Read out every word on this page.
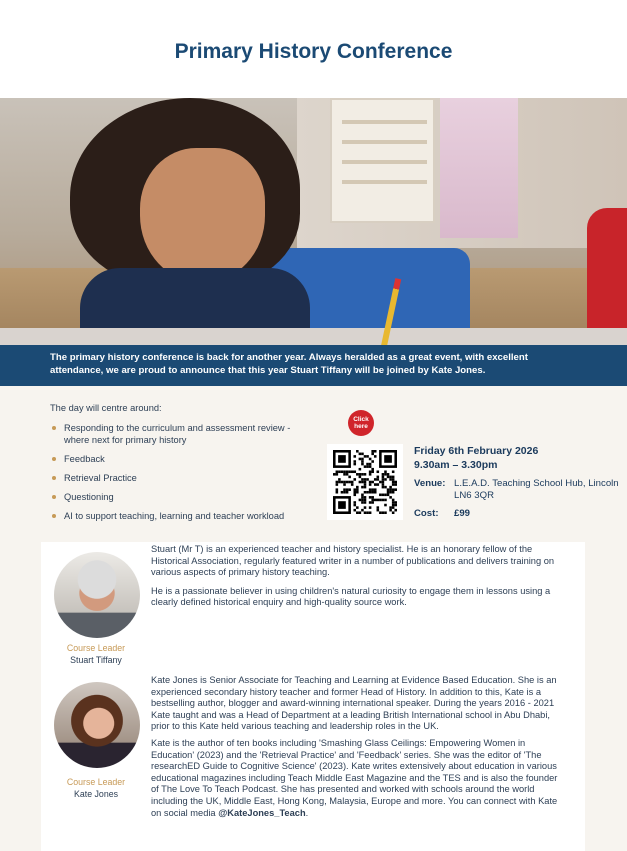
Primary History Conference
The primary history conference is back for another year. Always heralded as a great event, with excellent attendance, we are proud to announce that this year Stuart Tiffany will be joined by Kate Jones.
The day will centre around:
Responding to the curriculum and assessment review - where next for primary history
Feedback
Retrieval Practice
Questioning
AI to support teaching, learning and teacher workload
Click here
Friday 6th February 2026
9.30am – 3.30pm
Venue: L.E.A.D. Teaching School Hub, Lincoln LN6 3QR
Cost:	£99
Course Leader
Stuart Tiffany

Stuart (Mr T) is an experienced teacher and history specialist. He is an honorary fellow of the Historical Association, regularly featured writer in a number of publications and delivers training on various aspects of primary history teaching.

He is a passionate believer in using children's natural curiosity to engage them in lessons using a clearly defined historical enquiry and high-quality source work.

Course Leader
Kate Jones

Kate Jones is Senior Associate for Teaching and Learning at Evidence Based Education. She is an experienced secondary history teacher and former Head of History. In addition to this, Kate is a bestselling author, blogger and award-winning international speaker. During the years 2016 - 2021 Kate taught and was a Head of Department at a leading British International school in Abu Dhabi, prior to this Kate held various teaching and leadership roles in the UK.

Kate is the author of ten books including 'Smashing Glass Ceilings: Empowering Women in Education' (2023) and the 'Retrieval Practice' and 'Feedback' series. She was the editor of 'The researchED Guide to Cognitive Science' (2023). Kate writes extensively about education in various educational magazines including Teach Middle East Magazine and the TES and is also the founder of The Love To Teach Podcast. She has presented and worked with schools around the world including the UK, Middle East, Hong Kong, Malaysia, Europe and more. You can connect with Kate on social media @KateJones_Teach.
